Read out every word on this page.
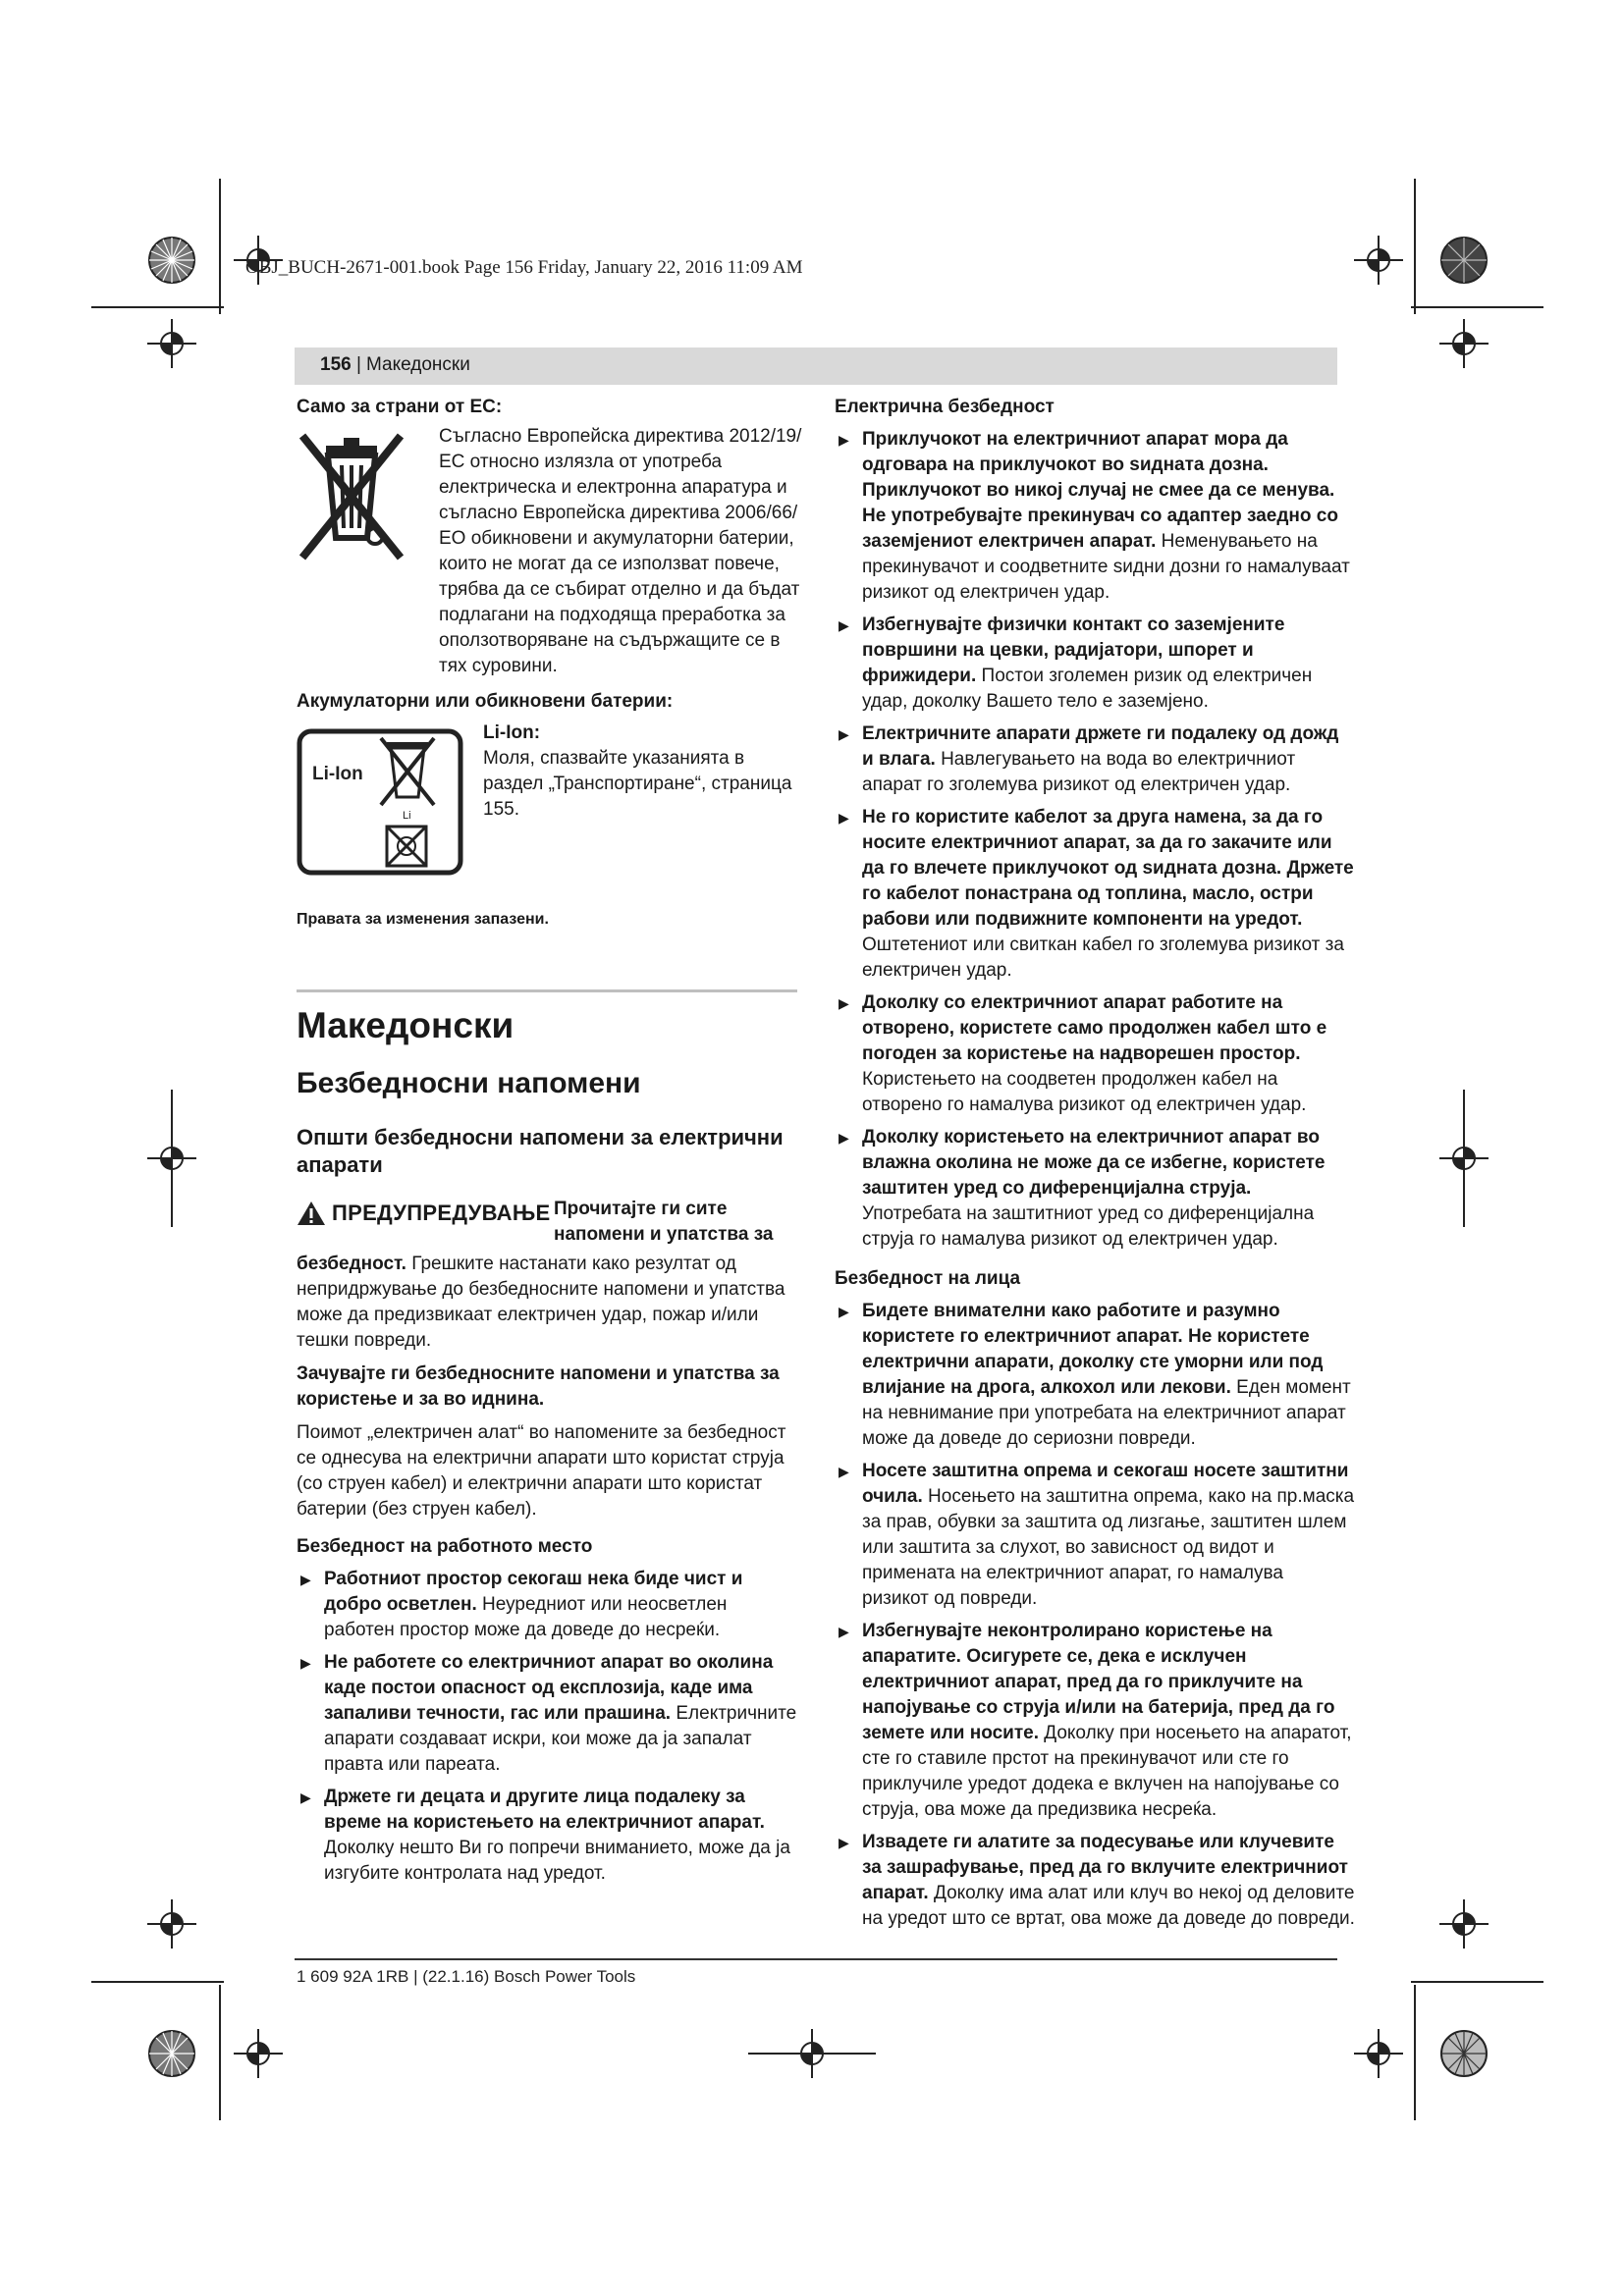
OBJ_BUCH-2671-001.book Page 156 Friday, January 22, 2016 11:09 AM
156 | Македонски

Само за страни от ЕС:

Съгласно Европейска директива 2012/19/ЕС относно излязла от употреба електрическа и електронна апаратура и съгласно Европейска директива 2006/66/ЕО обикновени и акумулаторни батерии, които не могат да се използват повече, трябва да се събират отделно и да бъдат подлагани на подходяща преработка за оползотворяване на съдържащите се в тях суровини.

Акумулаторни или обикновени батерии:

Li-Ion
Li

Li-Ion:

Моля, спазвайте указанията в раздел „Транспортиране“, страница 155.

Правата за изменения запазени.

Македонски
Безбедносни напомени
Општи безбедносни напомени за електрични апарати
ПРЕДУПРЕДУВАЊЕ Прочитајте ги сите напомени и упатства за

безбедност. Грешките настанати како резултат од непридржување до безбедносните напомени и упатства може да предизвикаат електричен удар, пожар и/или тешки повреди.

Зачувајте ги безбедносните напомени и упатства за користење и за во иднина.

Поимот „електричен алат“ во напомените за безбедност се однесува на електрични апарати што користат струја (со струен кабел) и електрични апарати што користат батерии (без струен кабел).

Безбедност на работното место

▶ Работниот простор секогаш нека биде чист и добро осветлен. Неуредниот или неосветлен работен простор може да доведе до несреќи.
▶ Не работете со електричниот апарат во околина каде постои опасност од експлозија, каде има запаливи течности, гас или прашина. Електричните апарати создаваат искри, кои може да ја запалат правта или пареата.
▶ Држете ги децата и другите лица подалеку за време на користењето на електричниот апарат. Доколку нешто Ви го попречи вниманието, може да ја изгубите контролата над уредот.

Електрична безбедност

▶ Приклучокот на електричниот апарат мора да одговара на приклучокот во ѕидната дозна. Приклучокот во никој случај не смее да се менува. Не употребувајте прекинувач со адаптер заедно со заземјениот електричен апарат. Неменувањето на прекинувачот и соодветните ѕидни дозни го намалуваат ризикот од електричен удар.
▶ Избегнувајте физички контакт со заземјените површини на цевки, радијатори, шпорет и фрижидери. Постои зголемен ризик од електричен удар, доколку Вашето тело е заземјено.
▶ Електричните апарати држете ги подалеку од дожд и влага. Навлегувањето на вода во електричниот апарат го зголемува ризикот од електричен удар.
▶ Не го користите кабелот за друга намена, за да го носите електричниот апарат, за да го закачите или да го влечете приклучокот од ѕидната дозна. Држете го кабелот понастрана од топлина, масло, остри рабови или подвижните компоненти на уредот. Оштетениот или свиткан кабел го зголемува ризикот за електричен удар.
▶ Доколку со електричниот апарат работите на отворено, користете само продолжен кабел што е погоден за користење на надворешен простор. Користењето на соодветен продолжен кабел на отворено го намалува ризикот од електричен удар.
▶ Доколку користењето на електричниот апарат во влажна околина не може да се избегне, користете заштитен уред со диференцијална струја. Употребата на заштитниот уред со диференцијална струја го намалува ризикот од електричен удар.

Безбедност на лица

▶ Бидете внимателни како работите и разумно користете го електричниот апарат. Не користете електрични апарати, доколку сте уморни или под влијание на дрога, алкохол или лекови. Еден момент на невнимание при употребата на електричниот апарат може да доведе до сериозни повреди.
▶ Носете заштитна опрема и секогаш носете заштитни очила. Носењето на заштитна опрема, како на пр.маска за прав, обувки за заштита од лизгање, заштитен шлем или заштита за слухот, во зависност од видот и примената на електричниот апарат, го намалува ризикот од повреди.
▶ Избегнувајте неконтролирано користење на апаратите. Осигурете се, дека е исклучен електричниот апарат, пред да го приклучите на напојување со струја и/или на батерија, пред да го земете или носите. Доколку при носењето на апаратот, сте го ставиле прстот на прекинувачот или сте го приклучиле уредот додека е вклучен на напојување со струја, ова може да предизвика несреќа.
▶ Извадете ги алатите за подесување или клучевите за зашрафување, пред да го вклучите електричниот апарат. Доколку има алат или клуч во некој од деловите на уредот што се вртат, ова може да доведе до повреди.
1 609 92A 1RB | (22.1.16) Bosch Power Tools
